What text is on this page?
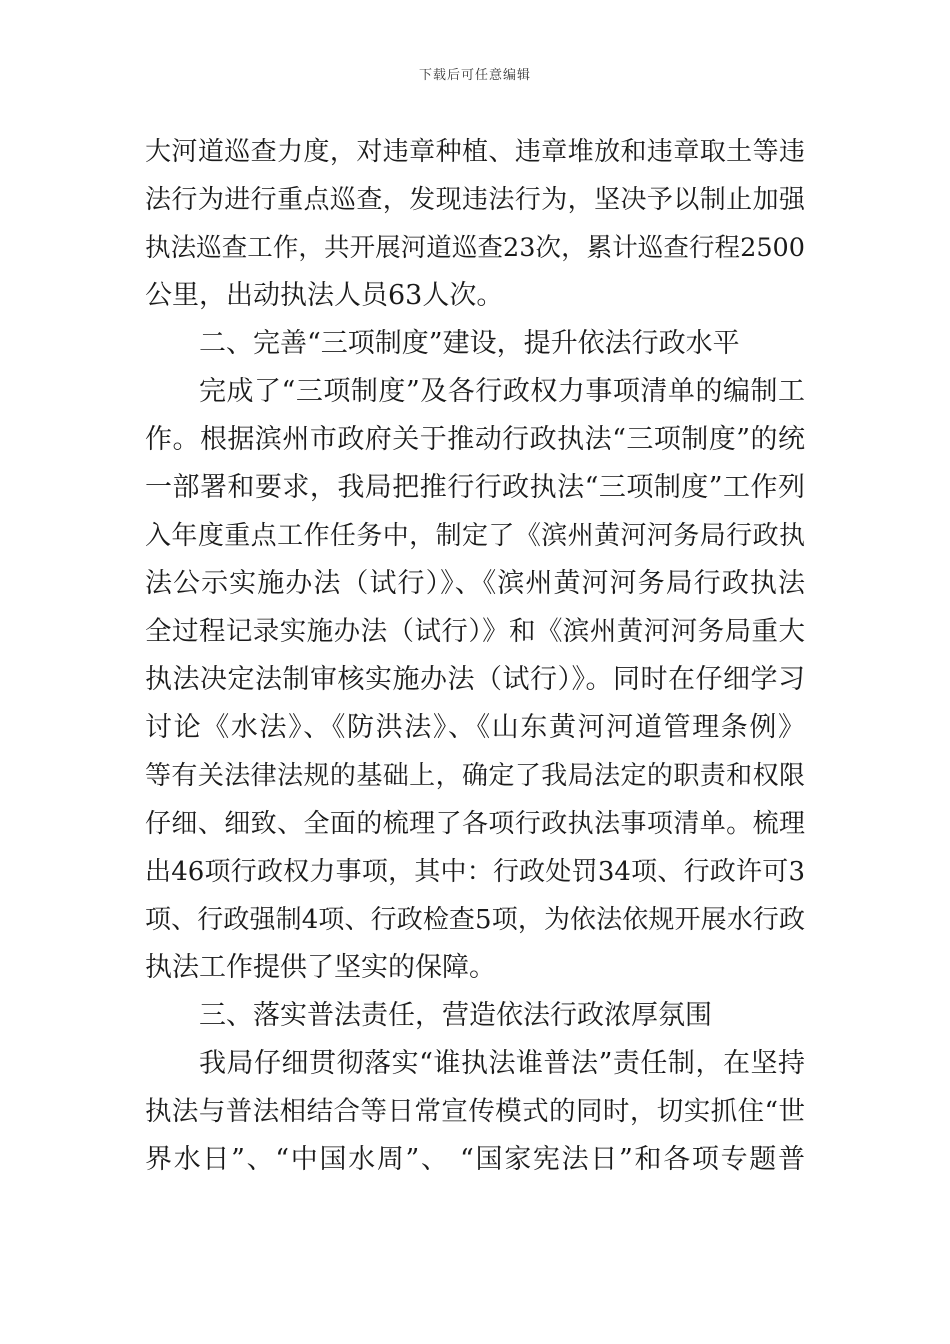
下载后可任意编辑
大河道巡查力度，对违章种植、违章堆放和违章取土等违
法行为进行重点巡查，发现违法行为，坚决予以制止加强
执法巡查工作，共开展河道巡查23次，累计巡查行程2500
公里，出动执法人员63人次。
二、完善“三项制度”建设，提升依法行政水平
完成了“三项制度”及各行政权力事项清单的编制工
作。根据滨州市政府关于推动行政执法“三项制度”的统
一部署和要求，我局把推行行政执法“三项制度”工作列
入年度重点工作任务中，制定了《滨州黄河河务局行政执
法公示实施办法（试行）》、《滨州黄河河务局行政执法
全过程记录实施办法（试行）》和《滨州黄河河务局重大
执法决定法制审核实施办法（试行）》。同时在仔细学习
讨论《水法》、《防洪法》、《山东黄河河道管理条例》
等有关法律法规的基础上，确定了我局法定的职责和权限
仔细、细致、全面的梳理了各项行政执法事项清单。梳理
出46项行政权力事项，其中：行政处罚34项、行政许可3
项、行政强制4项、行政检查5项，为依法依规开展水行政
执法工作提供了坚实的保障。
三、落实普法责任，营造依法行政浓厚氛围
我局仔细贯彻落实“谁执法谁普法”责任制，在坚持
执法与普法相结合等日常宣传模式的同时，切实抓住“世
界水日”、“中国水周”、 “国家宪法日”和各项专题普
